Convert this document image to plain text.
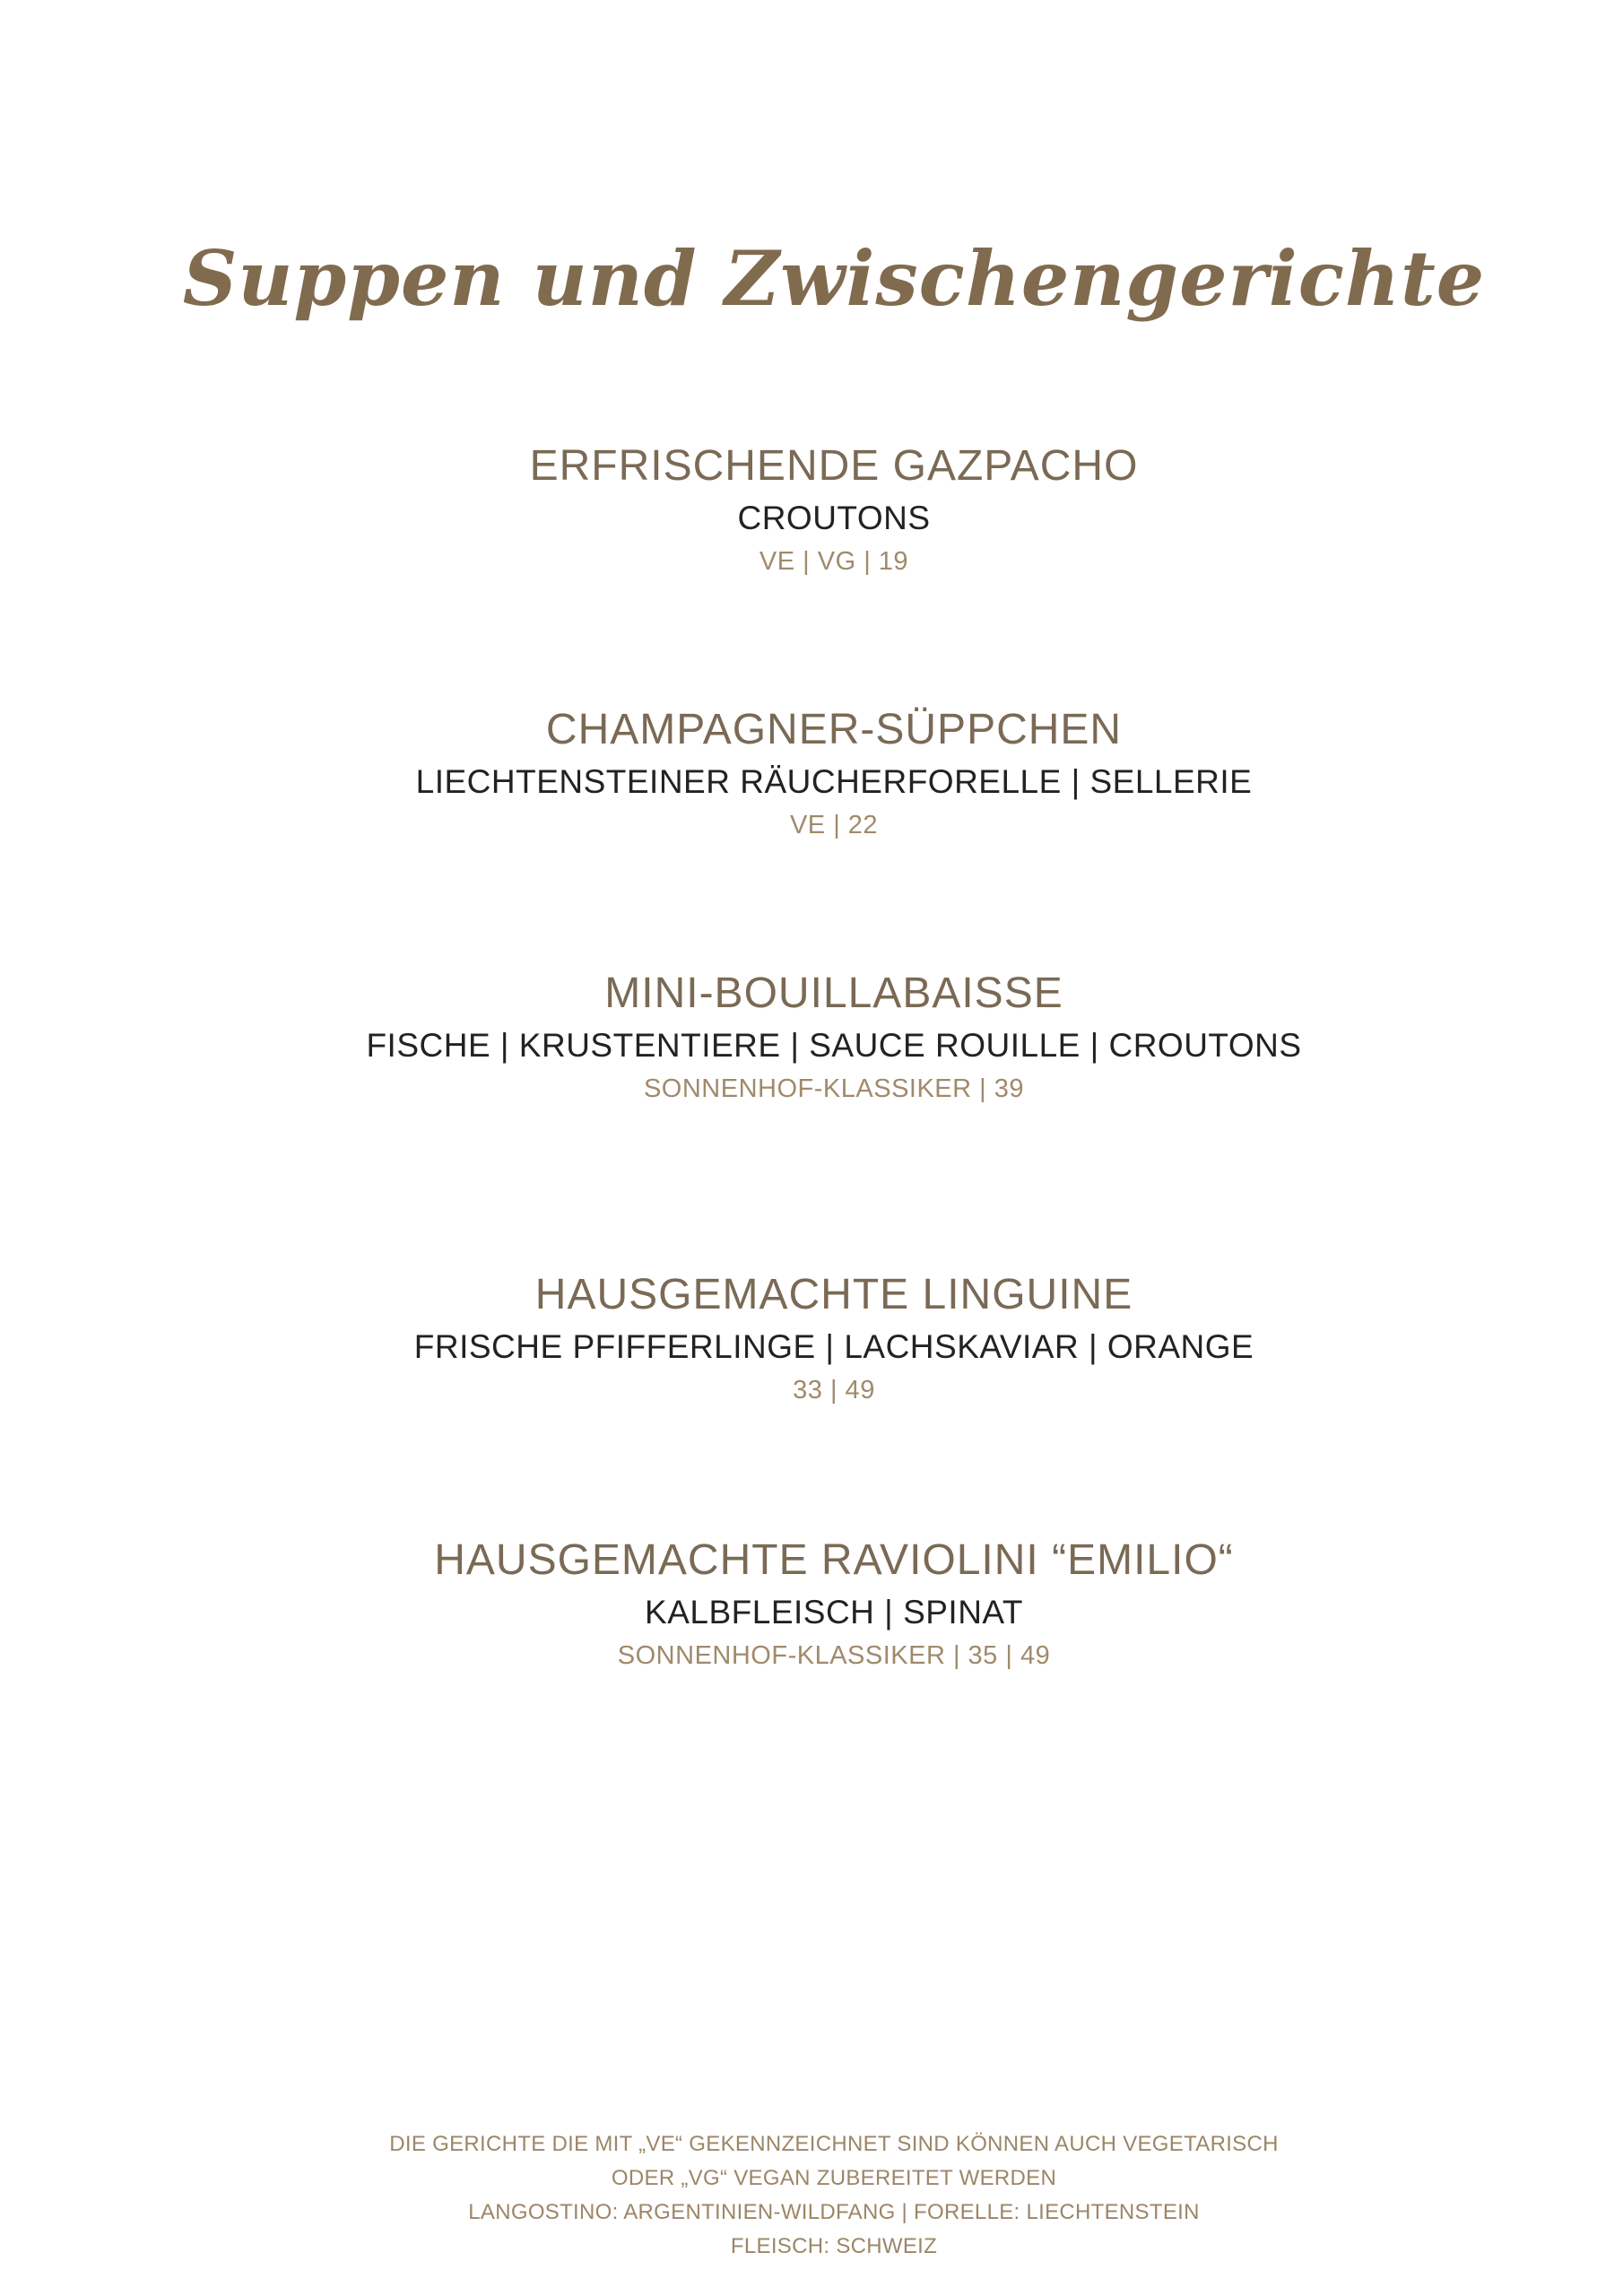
Suppen und Zwischengerichte
ERFRISCHENDE GAZPACHO
CROUTONS
VE | VG | 19
CHAMPAGNER-SÜPPCHEN
LIECHTENSTEINER RÄUCHERFORELLE | SELLERIE
VE | 22
MINI-BOUILLABAISSE
FISCHE | KRUSTENTIERE | SAUCE ROUILLE | CROUTONS
SONNENHOF-KLASSIKER | 39
HAUSGEMACHTE LINGUINE
FRISCHE PFIFFERLINGE | LACHSKAVIAR | ORANGE
33 | 49
HAUSGEMACHTE RAVIOLINI “EMILIO“
KALBFLEISCH | SPINAT
SONNENHOF-KLASSIKER | 35 | 49
DIE GERICHTE DIE MIT „VE“ GEKENNZEICHNET SIND KÖNNEN AUCH VEGETARISCH
ODER „VG“ VEGAN ZUBEREITET WERDEN
LANGOSTINO: ARGENTINIEN-WILDFANG | FORELLE: LIECHTENSTEIN
FLEISCH: SCHWEIZ
